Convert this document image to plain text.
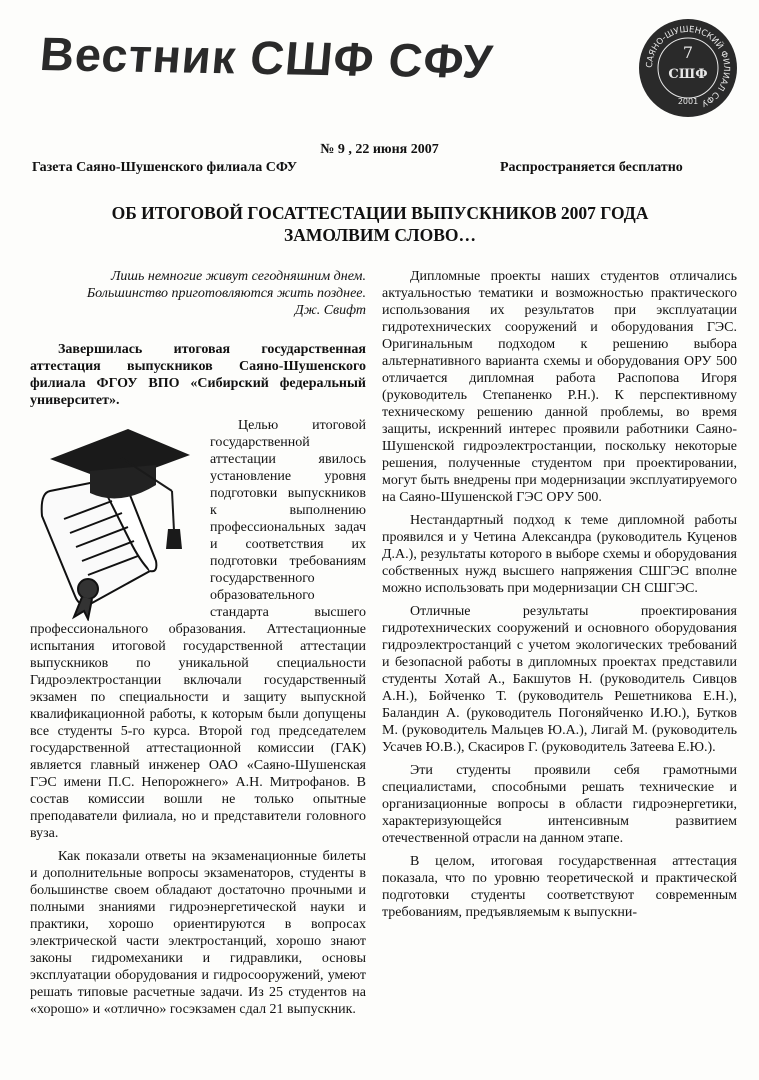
Вестник СШФ СФУ	САЯНО-ШУШЕНСКИЙ ФИЛИАЛ СФУ
7
СШФ
2001
№ 9 , 22 июня 2007
Газета Саяно-Шушенского филиала СФУ	Распространяется бесплатно
ОБ ИТОГОВОЙ ГОСАТТЕСТАЦИИ ВЫПУСКНИКОВ 2007 ГОДА
ЗАМОЛВИМ СЛОВО…
Лишь немногие живут сегодняшним днем.
Большинство приготовляются жить позднее.
Дж. Свифт

Завершилась итоговая государственная аттестация выпускников Саяно-Шушенского филиала ФГОУ ВПО «Сибирский федеральный университет».

Целью итоговой государственной аттестации явилось установление уровня подготовки выпускников к выполнению профессиональных задач и соответствия их подготовки требованиям государственного образовательного стандарта высшего профессионального образования. Аттестационные испытания итоговой государственной аттестации выпускников по уникальной специальности Гидроэлектростанции включали государственный экзамен по специальности и защиту выпускной квалификационной работы, к которым были допущены все студенты 5-го курса. Второй год председателем государственной аттестационной комиссии (ГАК) является главный инженер ОАО «Саяно-Шушенская ГЭС имени П.С. Непорожнего» А.Н. Митрофанов. В состав комиссии вошли не только опытные преподаватели филиала, но и представители головного вуза.

Как показали ответы на экзаменационные билеты и дополнительные вопросы экзаменаторов, студенты в большинстве своем обладают достаточно прочными и полными знаниями гидроэнергетической науки и практики, хорошо ориентируются в вопросах электрической части электростанций, хорошо знают законы гидромеханики и гидравлики, основы эксплуатации оборудования и гидросооружений, умеют решать типовые расчетные задачи. Из 25 студентов на «хорошо» и «отлично» госэкзамен сдал 21 выпускник.

Дипломные проекты наших студентов отличались актуальностью тематики и возможностью практического использования их результатов при эксплуатации гидротехнических сооружений и оборудования ГЭС. Оригинальным подходом к решению выбора альтернативного варианта схемы и оборудования ОРУ 500 отличается дипломная работа Распопова Игоря (руководитель Степаненко Р.Н.). К перспективному техническому решению данной проблемы, во время защиты, искренний интерес проявили работники Саяно-Шушенской гидроэлектростанции, поскольку некоторые решения, полученные студентом при проектировании, могут быть внедрены при модернизации эксплуатируемого на Саяно-Шушенской ГЭС ОРУ 500.

Нестандартный подход к теме дипломной работы проявился и у Четина Александра (руководитель Куценов Д.А.), результаты которого в выборе схемы и оборудования собственных нужд высшего напряжения СШГЭС вполне можно использовать при модернизации СН СШГЭС.

Отличные результаты проектирования гидротехнических сооружений и основного оборудования гидроэлектростанций с учетом экологических требований и безопасной работы в дипломных проектах представили студенты Хотай А., Бакшутов Н. (руководитель Сивцов А.Н.), Бойченко Т. (руководитель Решетникова Е.Н.), Баландин А. (руководитель Погоняйченко И.Ю.), Бутков М. (руководитель Мальцев Ю.А.), Лигай М. (руководитель Усачев Ю.В.), Скасиров Г. (руководитель Затеева Е.Ю.).

Эти студенты проявили себя грамотными специалистами, способными решать технические и организационные вопросы в области гидроэнергетики, характеризующейся интенсивным развитием отечественной отрасли на данном этапе.

В целом, итоговая государственная аттестация показала, что по уровню теоретической и практической подготовки студенты соответствуют современным требованиям, предъявляемым к выпускни-
